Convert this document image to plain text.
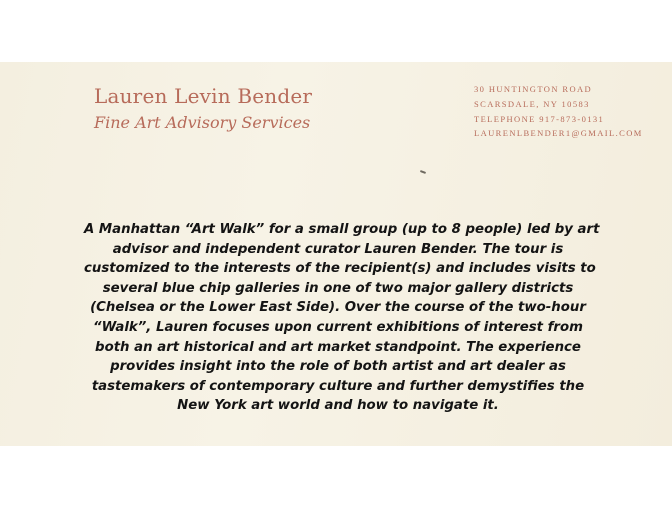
Lauren Levin Bender
Fine Art Advisory Services
30 HUNTINGTON ROAD
SCARSDALE, NY 10583
TELEPHONE 917-873-0131
LAURENLBENDER1@GMAIL.COM
A Manhattan “Art Walk” for a small group (up to 8 people) led by art
advisor and independent curator Lauren Bender. The tour is
customized to the interests of the recipient(s) and includes visits to
several blue chip galleries in one of two major gallery districts
(Chelsea or the Lower East Side). Over the course of the two-hour
“Walk”, Lauren focuses upon current exhibitions of interest from
both an art historical and art market standpoint. The experience
provides insight into the role of both artist and art dealer as
tastemakers of contemporary culture and further demystifies the
New York art world and how to navigate it.
